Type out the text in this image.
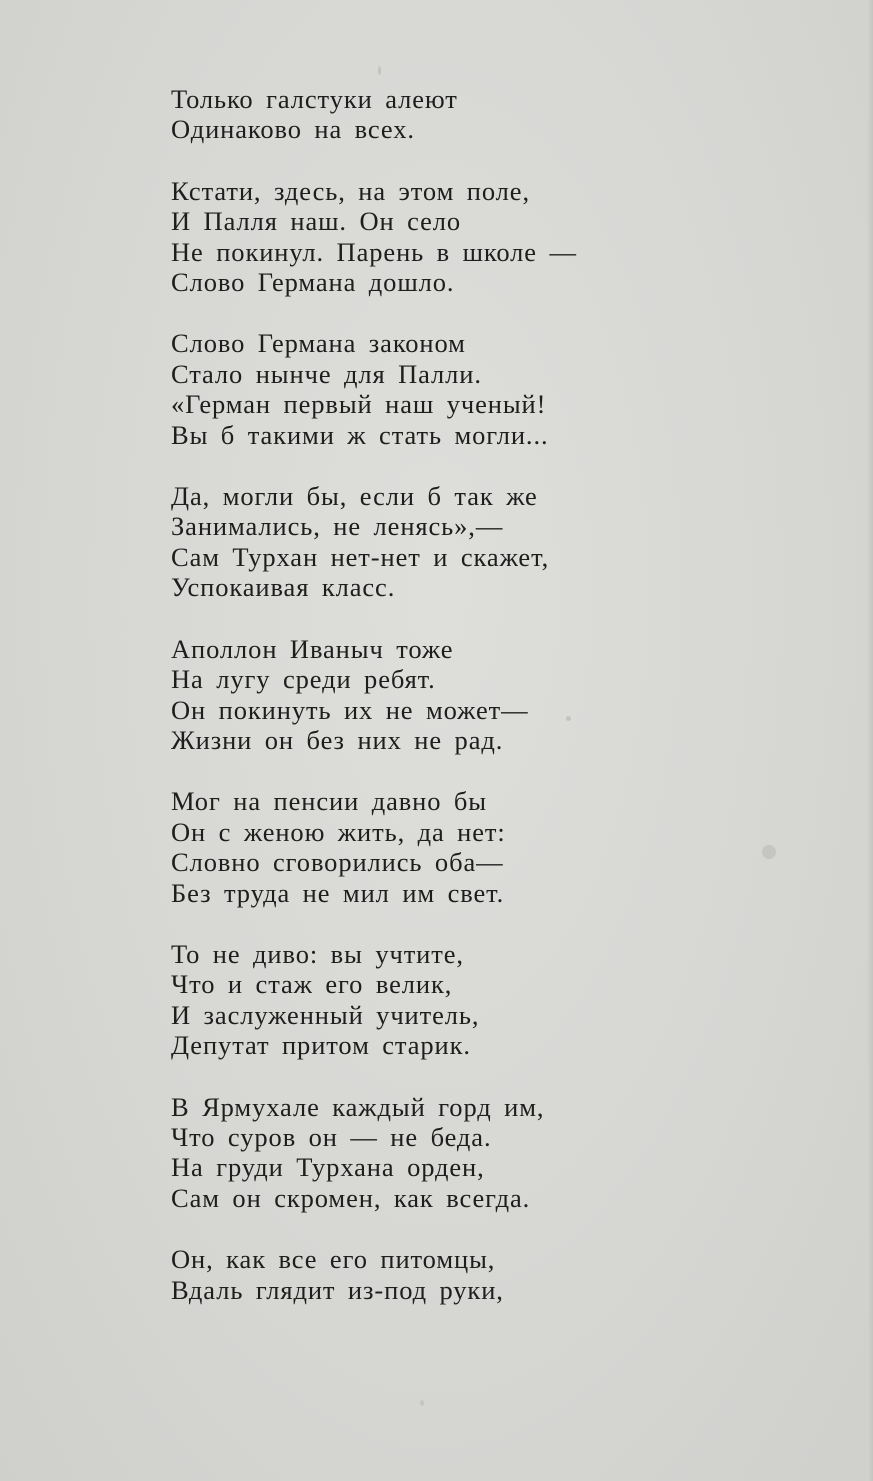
Только галстуки алеют
Одинаково на всех.
Кстати, здесь, на этом поле,
И Палля наш. Он село
Не покинул. Парень в школе —
Слово Германа дошло.
Слово Германа законом
Стало нынче для Палли.
«Герман первый наш ученый!
Вы б такими ж стать могли...
Да, могли бы, если б так же
Занимались, не ленясь»,—
Сам Турхан нет-нет и скажет,
Успокаивая класс.
Аполлон Иваныч тоже
На лугу среди ребят.
Он покинуть их не может—
Жизни он без них не рад.
Мог на пенсии давно бы
Он с женою жить, да нет:
Словно сговорились оба—
Без труда не мил им свет.
То не диво: вы учтите,
Что и стаж его велик,
И заслуженный учитель,
Депутат притом старик.
В Ярмухале каждый горд им,
Что суров он — не беда.
На груди Турхана орден,
Сам он скромен, как всегда.
Он, как все его питомцы,
Вдаль глядит из-под руки,
